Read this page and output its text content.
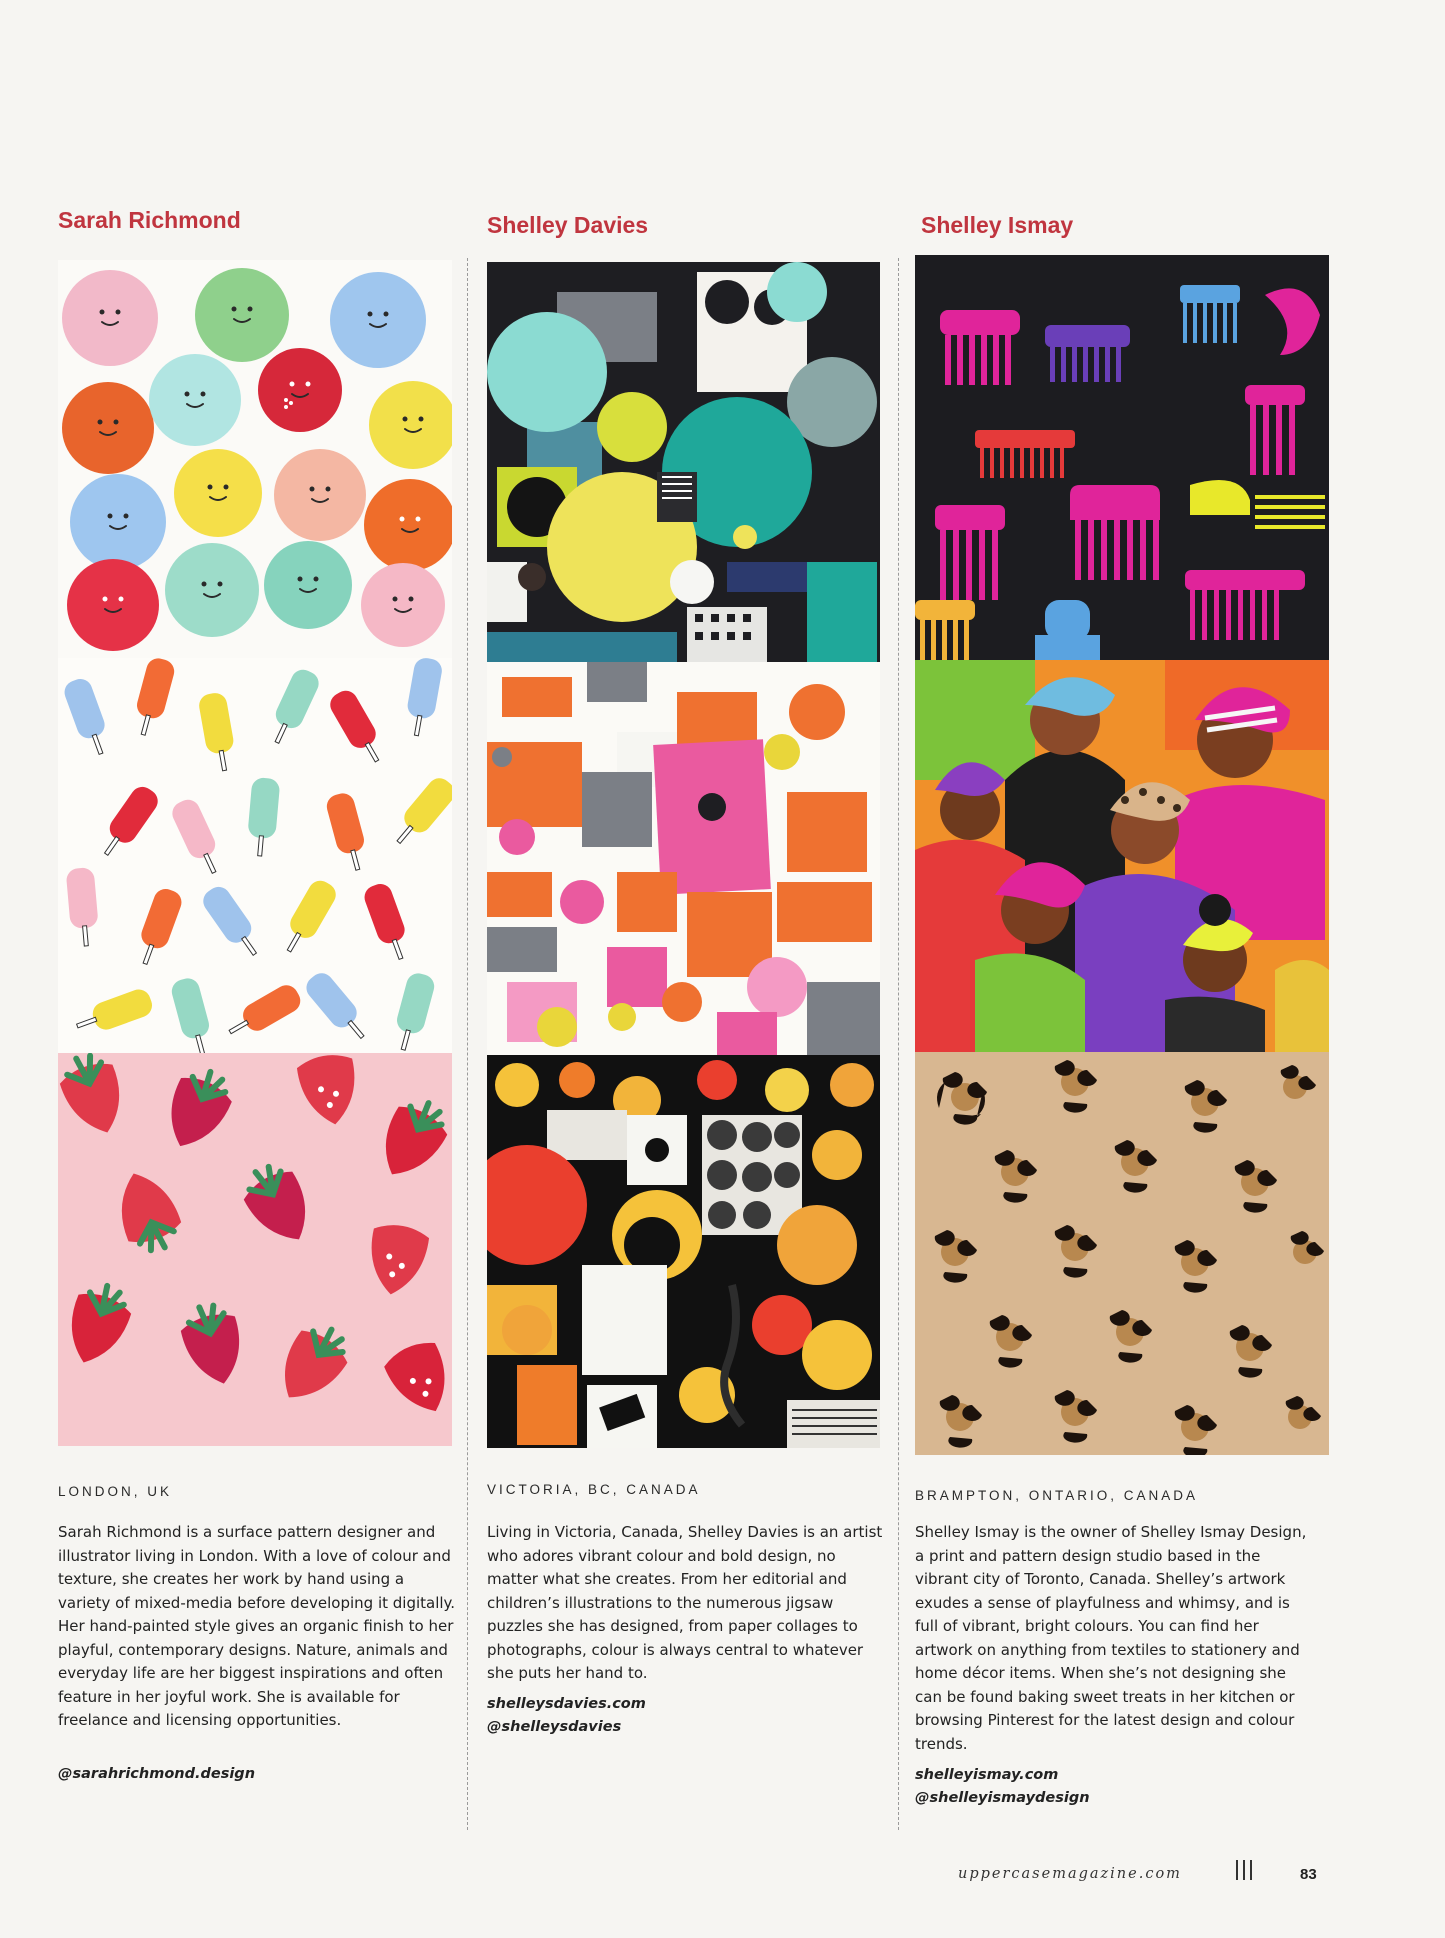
Sarah Richmond
LONDON, UK

Sarah Richmond is a surface pattern designer and illustrator living in London. With a love of colour and texture, she creates her work by hand using a variety of mixed-media before developing it digitally. Her hand-painted style gives an organic finish to her playful, contemporary designs. Nature, animals and everyday life are her biggest inspirations and often feature in her joyful work. She is available for freelance and licensing opportunities.

@sarahrichmond.design
Shelley Davies
VICTORIA, BC, CANADA

Living in Victoria, Canada, Shelley Davies is an artist who adores vibrant colour and bold design, no matter what she creates. From her editorial and children’s illustrations to the numerous jigsaw puzzles she has designed, from paper collages to photographs, colour is always central to whatever she puts her hand to.

shelleysdavies.com
@shelleysdavies
Shelley Ismay
BRAMPTON, ONTARIO, CANADA

Shelley Ismay is the owner of Shelley Ismay Design, a print and pattern design studio based in the vibrant city of Toronto, Canada. Shelley’s artwork exudes a sense of playfulness and whimsy, and is full of vibrant, bright colours. You can find her artwork on anything from textiles to stationery and home décor items. When she’s not designing she can be found baking sweet treats in her kitchen or browsing Pinterest for the latest design and colour trends.

shelleyismay.com
@shelleyismaydesign
uppercasemagazine.com	83
